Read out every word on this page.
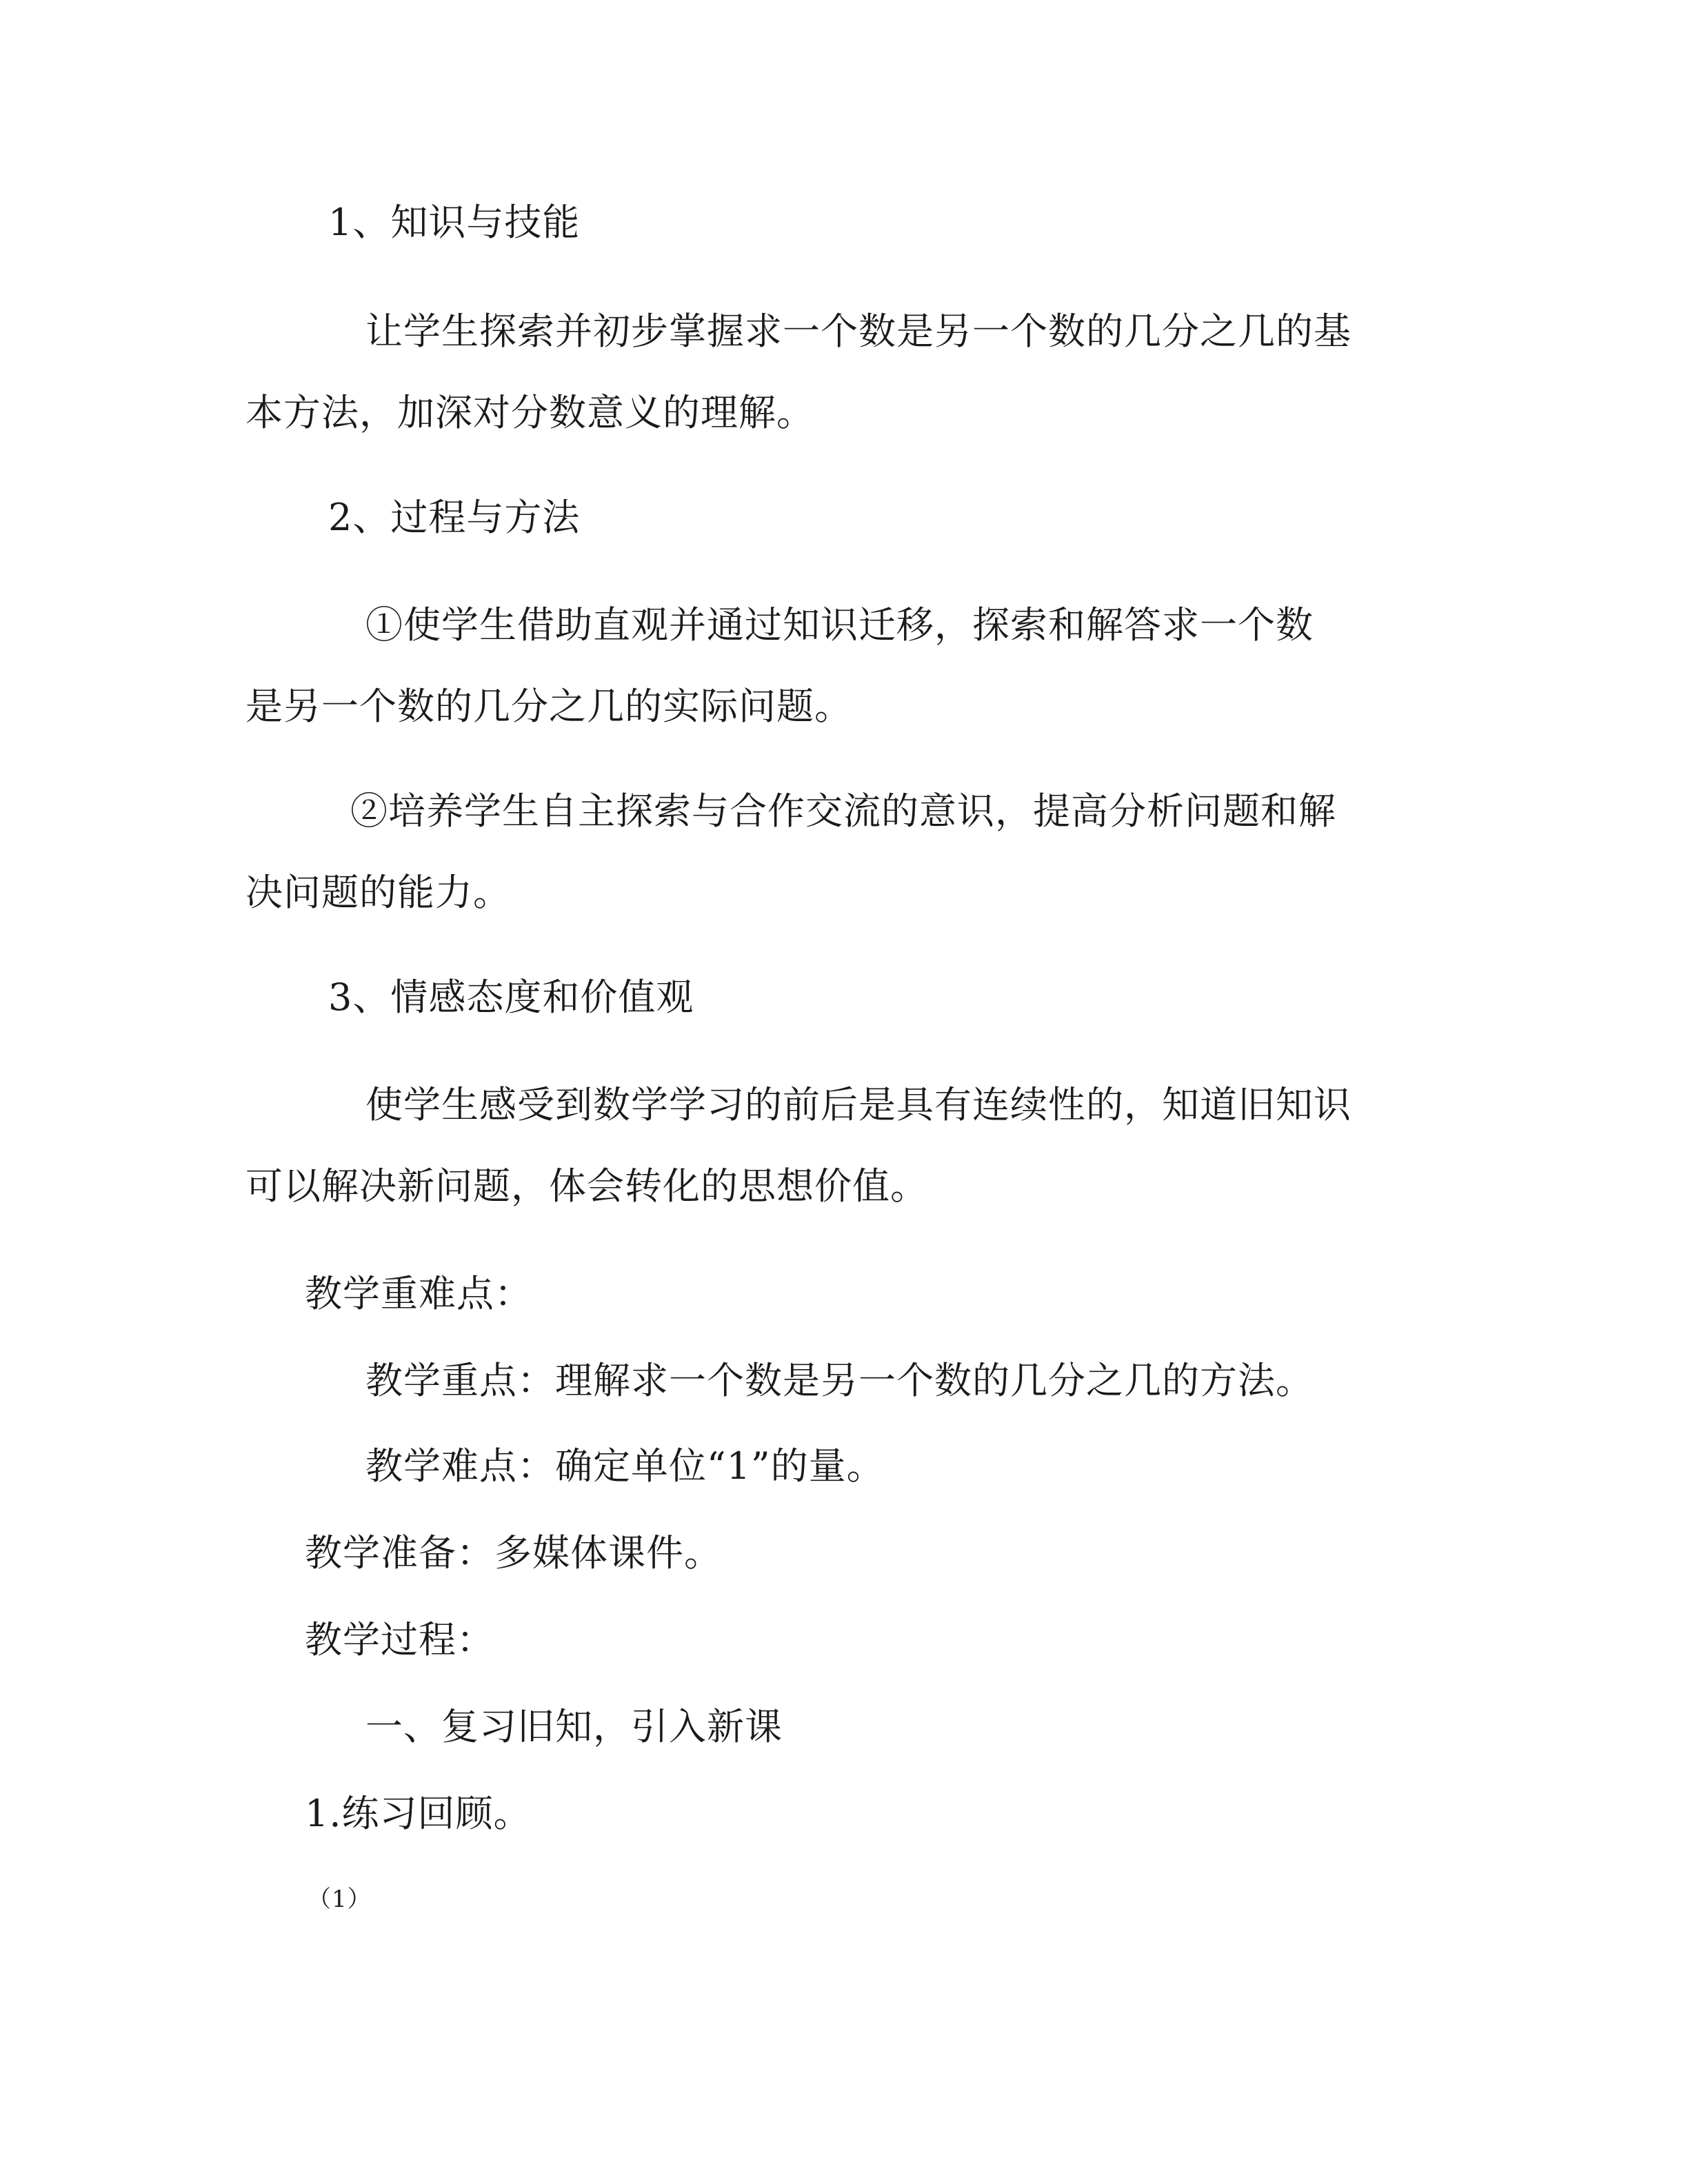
1、知识与技能
让学生探索并初步掌握求一个数是另一个数的几分之几的基
本方法，加深对分数意义的理解。
2、过程与方法
①使学生借助直观并通过知识迁移，探索和解答求一个数
是另一个数的几分之几的实际问题。
②培养学生自主探索与合作交流的意识，提高分析问题和解
决问题的能力。
3、情感态度和价值观
使学生感受到数学学习的前后是具有连续性的，知道旧知识
可以解决新问题，体会转化的思想价值。
教学重难点：
教学重点：理解求一个数是另一个数的几分之几的方法。
教学难点：确定单位“1”的量。
教学准备：多媒体课件。
教学过程：
一、复习旧知，引入新课
1.练习回顾。
（1）
